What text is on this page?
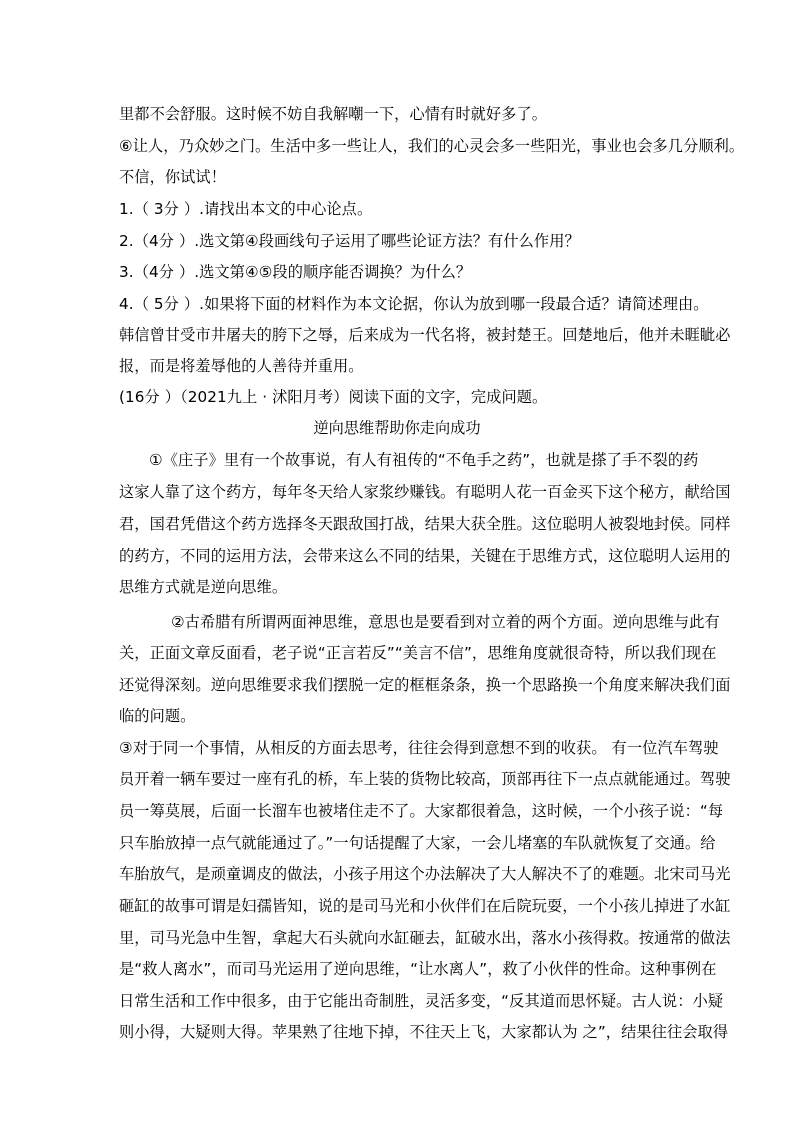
里都不会舒服。这时候不妨自我解嘲一下，心情有时就好多了。
⑥让人，乃众妙之门。生活中多一些让人，我们的心灵会多一些阳光，事业也会多几分顺利。
不信，你试试！
1.（ 3分 ）.请找出本文的中心论点。
2.（4分 ）.选文第④段画线句子运用了哪些论证方法？有什么作用？
3.（4分 ）.选文第④⑤段的顺序能否调换？为什么？
4.（ 5分 ）.如果将下面的材料作为本文论据，你认为放到哪一段最合适？请简述理由。
韩信曾甘受市井屠夫的胯下之辱，后来成为一代名将，被封楚王。回楚地后，他并未睚眦必
报，而是将羞辱他的人善待并重用。
(16分 ）（2021九上 · 沭阳月考）阅读下面的文字，完成问题。
逆向思维帮助你走向成功
①《庄子》里有一个故事说，有人有祖传的“不龟手之药”，也就是搽了手不裂的药
这家人靠了这个药方，每年冬天给人家浆纱赚钱。有聪明人花一百金买下这个秘方，献给国
君，国君凭借这个药方选择冬天跟敌国打战，结果大获全胜。这位聪明人被裂地封侯。同样
的药方，不同的运用方法，会带来这么不同的结果，关键在于思维方式，这位聪明人运用的
思维方式就是逆向思维。
②古希腊有所谓两面神思维，意思也是要看到对立着的两个方面。逆向思维与此有
关，正面文章反面看，老子说“正言若反”“美言不信”，思维角度就很奇特，所以我们现在
还觉得深刻。逆向思维要求我们摆脱一定的框框条条，换一个思路换一个角度来解决我们面
临的问题。
③对于同一个事情，从相反的方面去思考，往往会得到意想不到的收获。 有一位汽车驾驶
员开着一辆车要过一座有孔的桥，车上装的货物比较高，顶部再往下一点点就能通过。驾驶
员一筹莫展，后面一长溜车也被堵住走不了。大家都很着急，这时候，一个小孩子说：“每
只车胎放掉一点气就能通过了。”一句话提醒了大家，一会儿堵塞的车队就恢复了交通。给
车胎放气，是顽童调皮的做法，小孩子用这个办法解决了大人解决不了的难题。北宋司马光
砸缸的故事可谓是妇孺皆知，说的是司马光和小伙伴们在后院玩耍，一个小孩儿掉进了水缸
里，司马光急中生智，拿起大石头就向水缸砸去，缸破水出，落水小孩得救。按通常的做法
是“救人离水”，而司马光运用了逆向思维，“让水离人”，救了小伙伴的性命。这种事例在
日常生活和工作中很多，由于它能出奇制胜，灵活多变，“反其道而思怀疑。古人说：小疑
则小得，大疑则大得。苹果熟了往地下掉，不往天上飞，大家都认为 之”，结果往往会取得
